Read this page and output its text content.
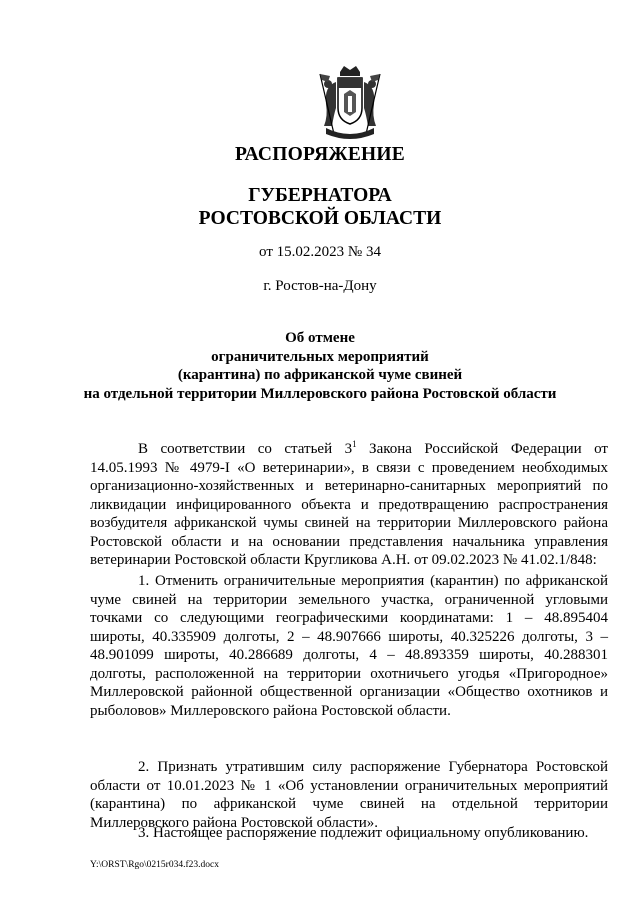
РАСПОРЯЖЕНИЕ
ГУБЕРНАТОРА
РОСТОВСКОЙ ОБЛАСТИ
от 15.02.2023 № 34
г. Ростов-на-Дону
Об отмене
ограничительных мероприятий
(карантина) по африканской чуме свиней
на отдельной территории Миллеровского района Ростовской области
В соответствии со статьей $3^1$ Закона Российской Федерации от 14.05.1993 № 4979-I «О ветеринарии», в связи с проведением необходимых организационно-хозяйственных и ветеринарно-санитарных мероприятий по ликвидации инфицированного объекта и предотвращению распространения возбудителя африканской чумы свиней на территории Миллеровского района Ростовской области и на основании представления начальника управления ветеринарии Ростовской области Кругликова А.Н. от 09.02.2023 № 41.02.1/848:
1. Отменить ограничительные мероприятия (карантин) по африканской чуме свиней на территории земельного участка, ограниченной угловыми точками со следующими географическими координатами: 1 – 48.895404 широты, 40.335909 долготы, 2 – 48.907666 широты, 40.325226 долготы, 3 – 48.901099 широты, 40.286689 долготы, 4 – 48.893359 широты, 40.288301 долготы, расположенной на территории охотничьего угодья «Пригородное» Миллеровской районной общественной организации «Общество охотников и рыболовов» Миллеровского района Ростовской области.
2. Признать утратившим силу распоряжение Губернатора Ростовской области от 10.01.2023 № 1 «Об установлении ограничительных мероприятий (карантина) по африканской чуме свиней на отдельной территории Миллеровского района Ростовской области».
3. Настоящее распоряжение подлежит официальному опубликованию.
Y:\ORST\Rgo\0215r034.f23.docx
